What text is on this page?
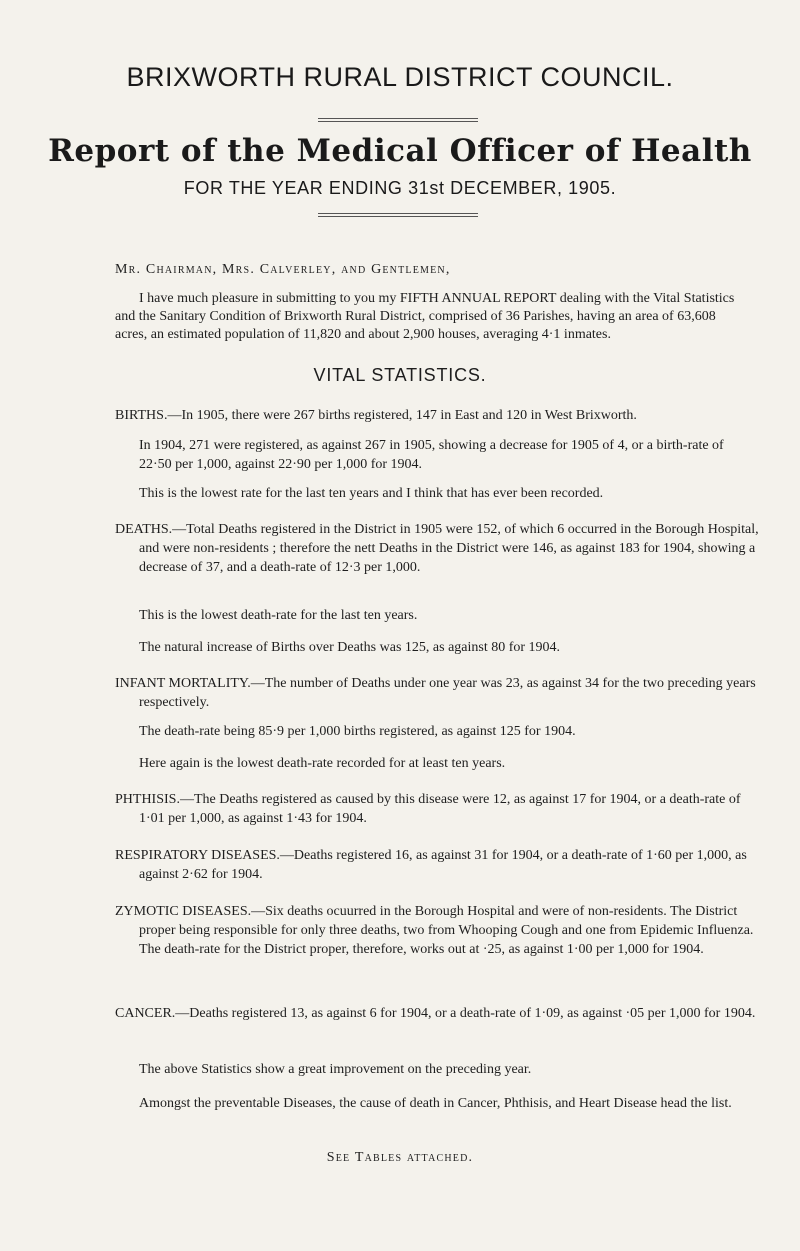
BRIXWORTH RURAL DISTRICT COUNCIL.
Report of the Medical Officer of Health
FOR THE YEAR ENDING 31st DECEMBER, 1905.
Mr. Chairman, Mrs. Calverley, and Gentlemen,
I have much pleasure in submitting to you my FIFTH ANNUAL REPORT dealing with the Vital Statistics and the Sanitary Condition of Brixworth Rural District, comprised of 36 Parishes, having an area of 63,608 acres, an estimated population of 11,820 and about 2,900 houses, averaging 4·1 inmates.
VITAL STATISTICS.
BIRTHS.—In 1905, there were 267 births registered, 147 in East and 120 in West Brixworth.
In 1904, 271 were registered, as against 267 in 1905, showing a decrease for 1905 of 4, or a birth-rate of 22·50 per 1,000, against 22·90 per 1,000 for 1904.
This is the lowest rate for the last ten years and I think that has ever been recorded.
DEATHS.—Total Deaths registered in the District in 1905 were 152, of which 6 occurred in the Borough Hospital, and were non-residents ; therefore the nett Deaths in the District were 146, as against 183 for 1904, showing a decrease of 37, and a death-rate of 12·3 per 1,000.
This is the lowest death-rate for the last ten years.
The natural increase of Births over Deaths was 125, as against 80 for 1904.
INFANT MORTALITY.—The number of Deaths under one year was 23, as against 34 for the two preceding years respectively.
The death-rate being 85·9 per 1,000 births registered, as against 125 for 1904.
Here again is the lowest death-rate recorded for at least ten years.
PHTHISIS.—The Deaths registered as caused by this disease were 12, as against 17 for 1904, or a death-rate of 1·01 per 1,000, as against 1·43 for 1904.
RESPIRATORY DISEASES.—Deaths registered 16, as against 31 for 1904, or a death-rate of 1·60 per 1,000, as against 2·62 for 1904.
ZYMOTIC DISEASES.—Six deaths ocuurred in the Borough Hospital and were of non-residents. The District proper being responsible for only three deaths, two from Whooping Cough and one from Epidemic Influenza. The death-rate for the District proper, therefore, works out at ·25, as against 1·00 per 1,000 for 1904.
CANCER.—Deaths registered 13, as against 6 for 1904, or a death-rate of 1·09, as against ·05 per 1,000 for 1904.
The above Statistics show a great improvement on the preceding year.
Amongst the preventable Diseases, the cause of death in Cancer, Phthisis, and Heart Disease head the list.
See Tables attached.
